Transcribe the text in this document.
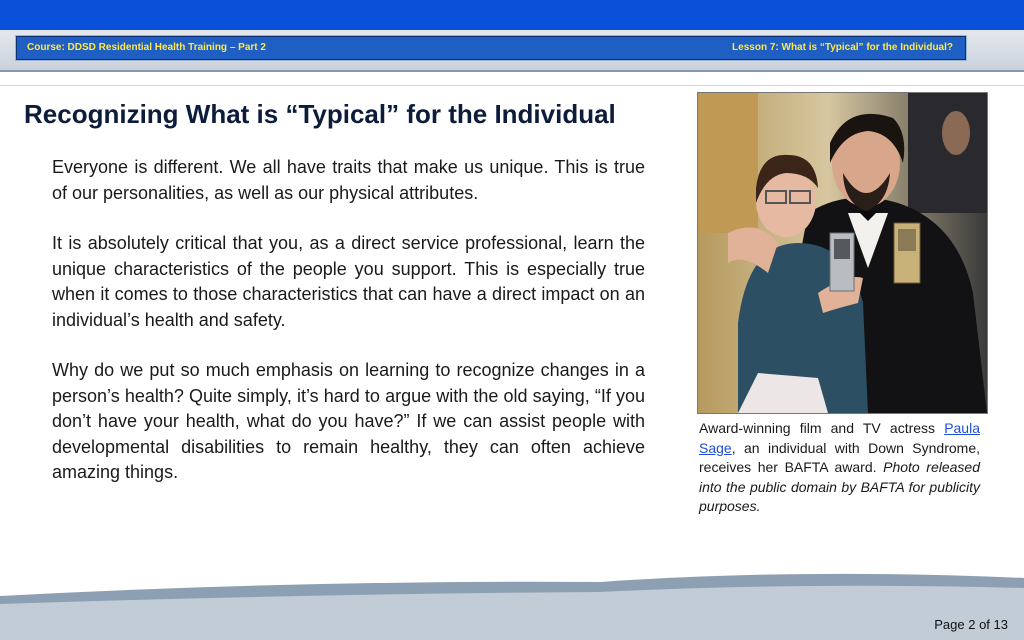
Course: DDSD Residential Health Training – Part 2	Lesson 7: What is “Typical” for the Individual?
Recognizing What is “Typical” for the Individual

Everyone is different. We all have traits that make us unique. This is true of our personalities, as well as our physical attributes.

It is absolutely critical that you, as a direct service professional, learn the unique characteristics of the people you support. This is especially true when it comes to those characteristics that can have a direct impact on an individual’s health and safety.

Why do we put so much emphasis on learning to recognize changes in a person’s health? Quite simply, it’s hard to argue with the old saying, “If you don’t have your health, what do you have?” If we can assist people with developmental disabilities to remain healthy, they can often achieve amazing things.

Award-winning film and TV actress Paula Sage, an individual with Down Syndrome, receives her BAFTA award. Photo released into the public domain by BAFTA for publicity purposes.
Page 2 of 13
